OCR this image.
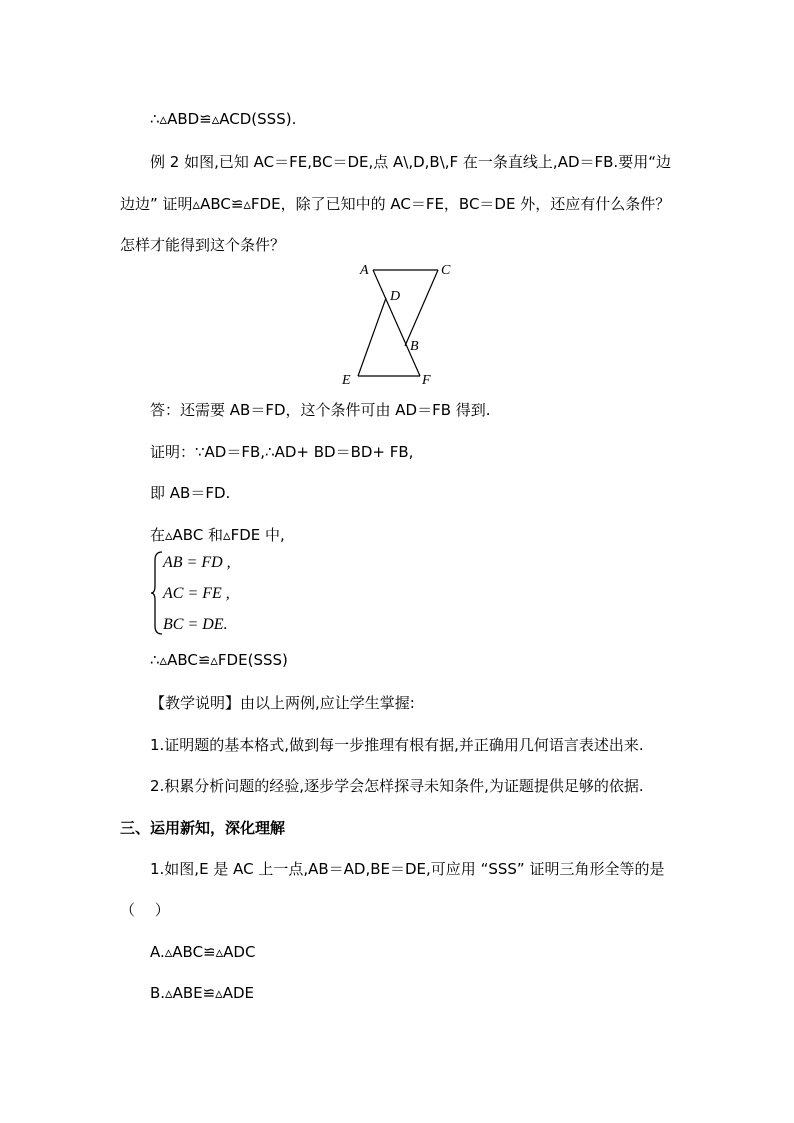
∴▵ABD≌▵ACD(SSS).
例 2 如图,已知 AC＝FE,BC＝DE,点 A\,D,B\,F 在一条直线上,AD＝FB.要用“边
边边” 证明▵ABC≌▵FDE，除了已知中的 AC＝FE，BC＝DE 外，还应有什么条件？
怎样才能得到这个条件？
A	C
D
B
E	F
答：还需要 AB＝FD，这个条件可由 AD＝FB 得到.
证明：∵AD＝FB,∴AD+ BD＝BD+ FB,
即 AB＝FD.
在▵ABC 和▵FDE 中,
AB = FD ,
AC = FE ,
BC = DE.
∴▵ABC≌▵FDE(SSS)
【教学说明】由以上两例,应让学生掌握:
1.证明题的基本格式,做到每一步推理有根有据,并正确用几何语言表述出来.
2.积累分析问题的经验,逐步学会怎样探寻未知条件,为证题提供足够的依据.
三、运用新知，深化理解
1.如图,E 是 AC 上一点,AB＝AD,BE＝DE,可应用 “SSS” 证明三角形全等的是
（　 ）
A.▵ABC≌▵ADC
B.▵ABE≌▵ADE
